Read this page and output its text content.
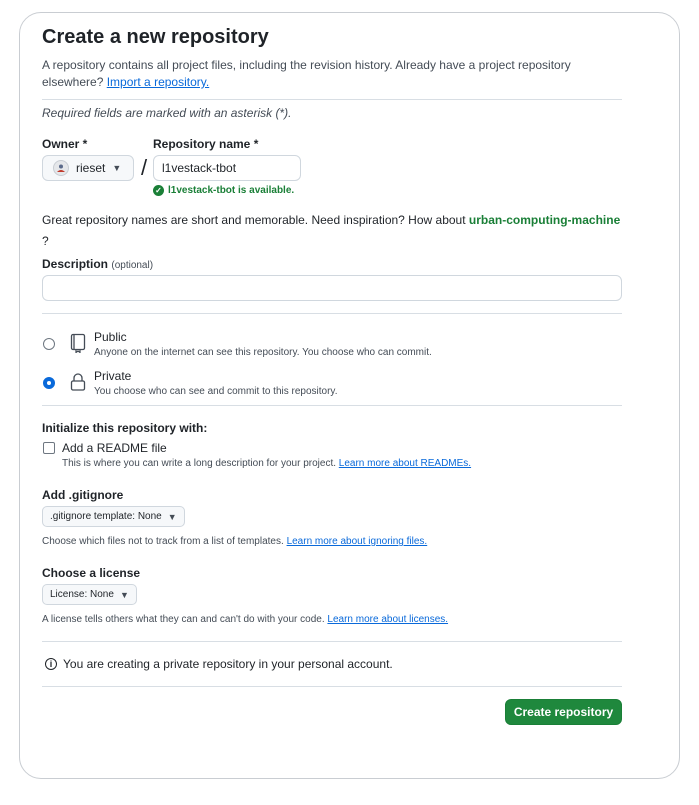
Create a new repository
A repository contains all project files, including the revision history. Already have a project repository elsewhere? Import a repository.
Required fields are marked with an asterisk (*).
Owner *	Repository name *
rieset ▼ /
l1vestack-tbot
✓ l1vestack-tbot is available.
Great repository names are short and memorable. Need inspiration? How about urban-computing-machine
?
Description (optional)
Public
Anyone on the internet can see this repository. You choose who can commit.
Private
You choose who can see and commit to this repository.
Initialize this repository with:
Add a README file
This is where you can write a long description for your project. Learn more about READMEs.
Add .gitignore
.gitignore template: None ▼
Choose which files not to track from a list of templates. Learn more about ignoring files.
Choose a license
License: None ▼
A license tells others what they can and can't do with your code. Learn more about licenses.
i You are creating a private repository in your personal account.
Create repository
